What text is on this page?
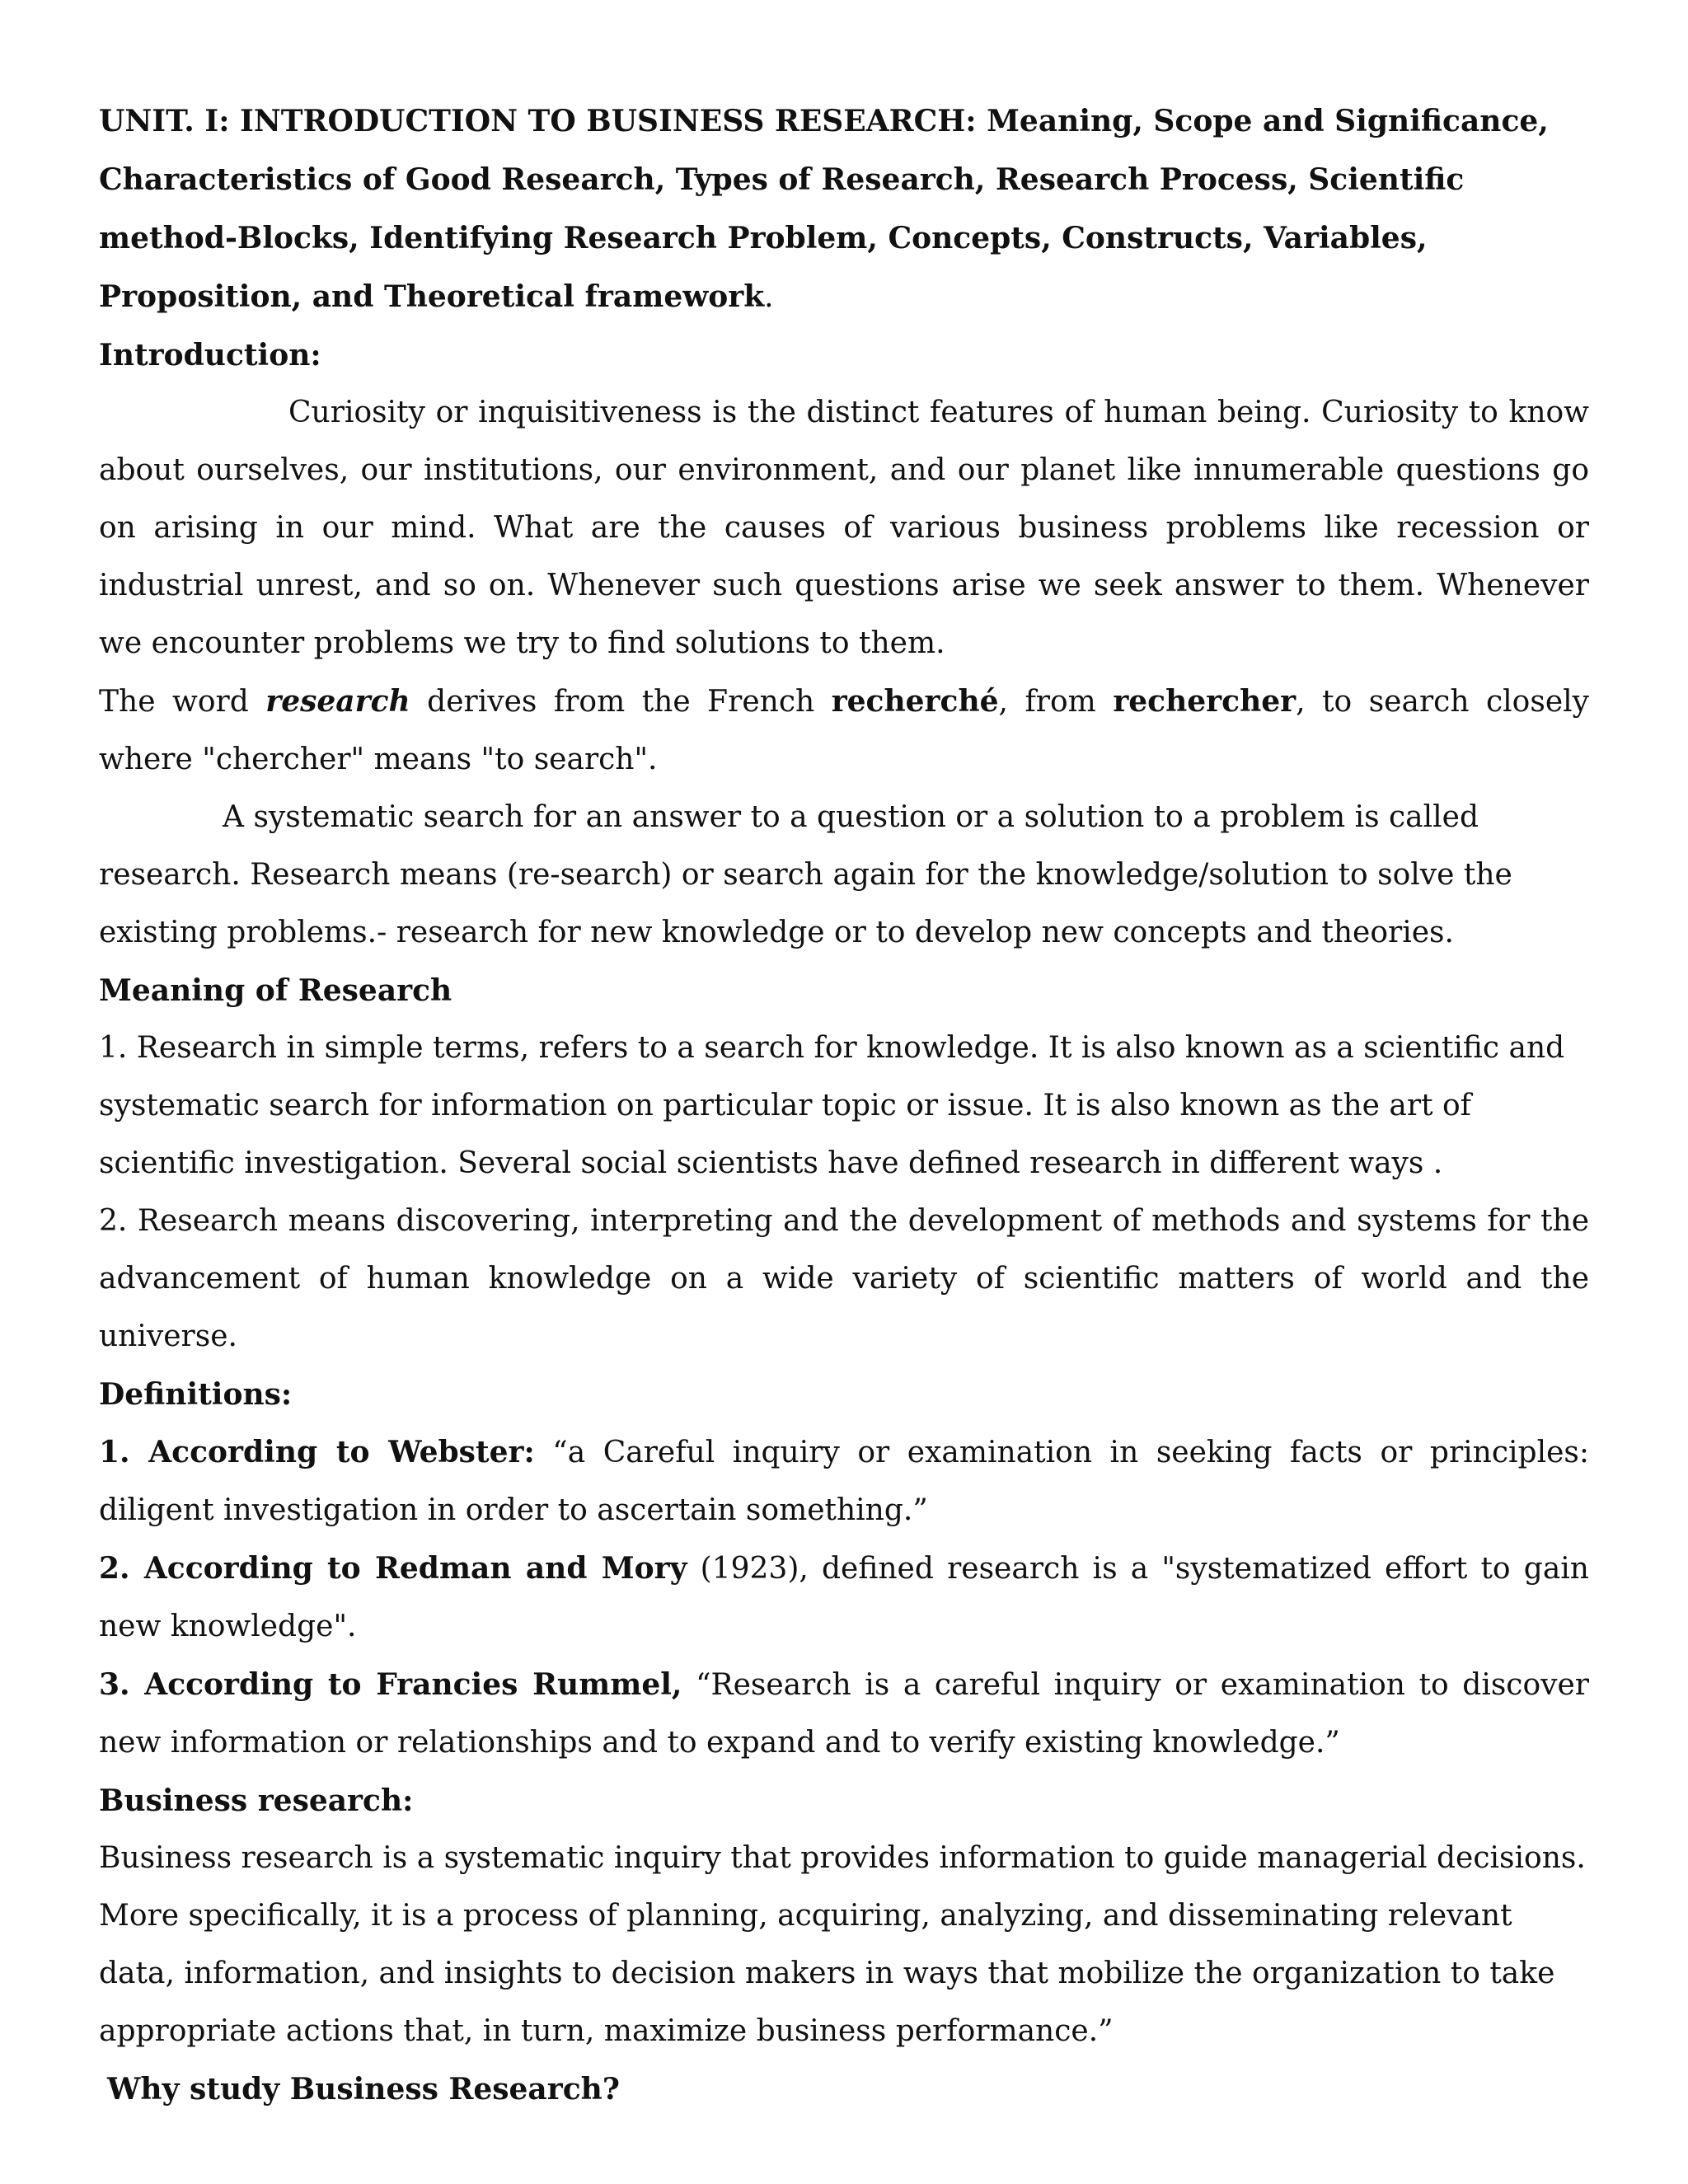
UNIT. I: INTRODUCTION TO BUSINESS RESEARCH: Meaning, Scope and Significance, Characteristics of Good Research, Types of Research, Research Process, Scientific method-Blocks, Identifying Research Problem, Concepts, Constructs, Variables, Proposition, and Theoretical framework.

Introduction:

Curiosity or inquisitiveness is the distinct features of human being. Curiosity to know about ourselves, our institutions, our environment, and our planet like innumerable questions go on arising in our mind. What are the causes of various business problems like recession or industrial unrest, and so on. Whenever such questions arise we seek answer to them. Whenever we encounter problems we try to find solutions to them.

The word research derives from the French recherché, from rechercher, to search closely where "chercher" means "to search".

A systematic search for an answer to a question or a solution to a problem is called research. Research means (re-search) or search again for the knowledge/solution to solve the existing problems.- research for new knowledge or to develop new concepts and theories.

Meaning of Research

1. Research in simple terms, refers to a search for knowledge. It is also known as a scientific and systematic search for information on particular topic or issue. It is also known as the art of scientific investigation. Several social scientists have defined research in different ways .

2. Research means discovering, interpreting and the development of methods and systems for the advancement of human knowledge on a wide variety of scientific matters of world and the universe.

Definitions:

1. According to Webster: “a Careful inquiry or examination in seeking facts or principles: diligent investigation in order to ascertain something.”

2. According to Redman and Mory (1923), defined research is a "systematized effort to gain new knowledge".

3. According to Francies Rummel, “Research is a careful inquiry or examination to discover new information or relationships and to expand and to verify existing knowledge.”

Business research:

Business research is a systematic inquiry that provides information to guide managerial decisions. More specifically, it is a process of planning, acquiring, analyzing, and disseminating relevant data, information, and insights to decision makers in ways that mobilize the organization to take appropriate actions that, in turn, maximize business performance.”

Why study Business Research?
